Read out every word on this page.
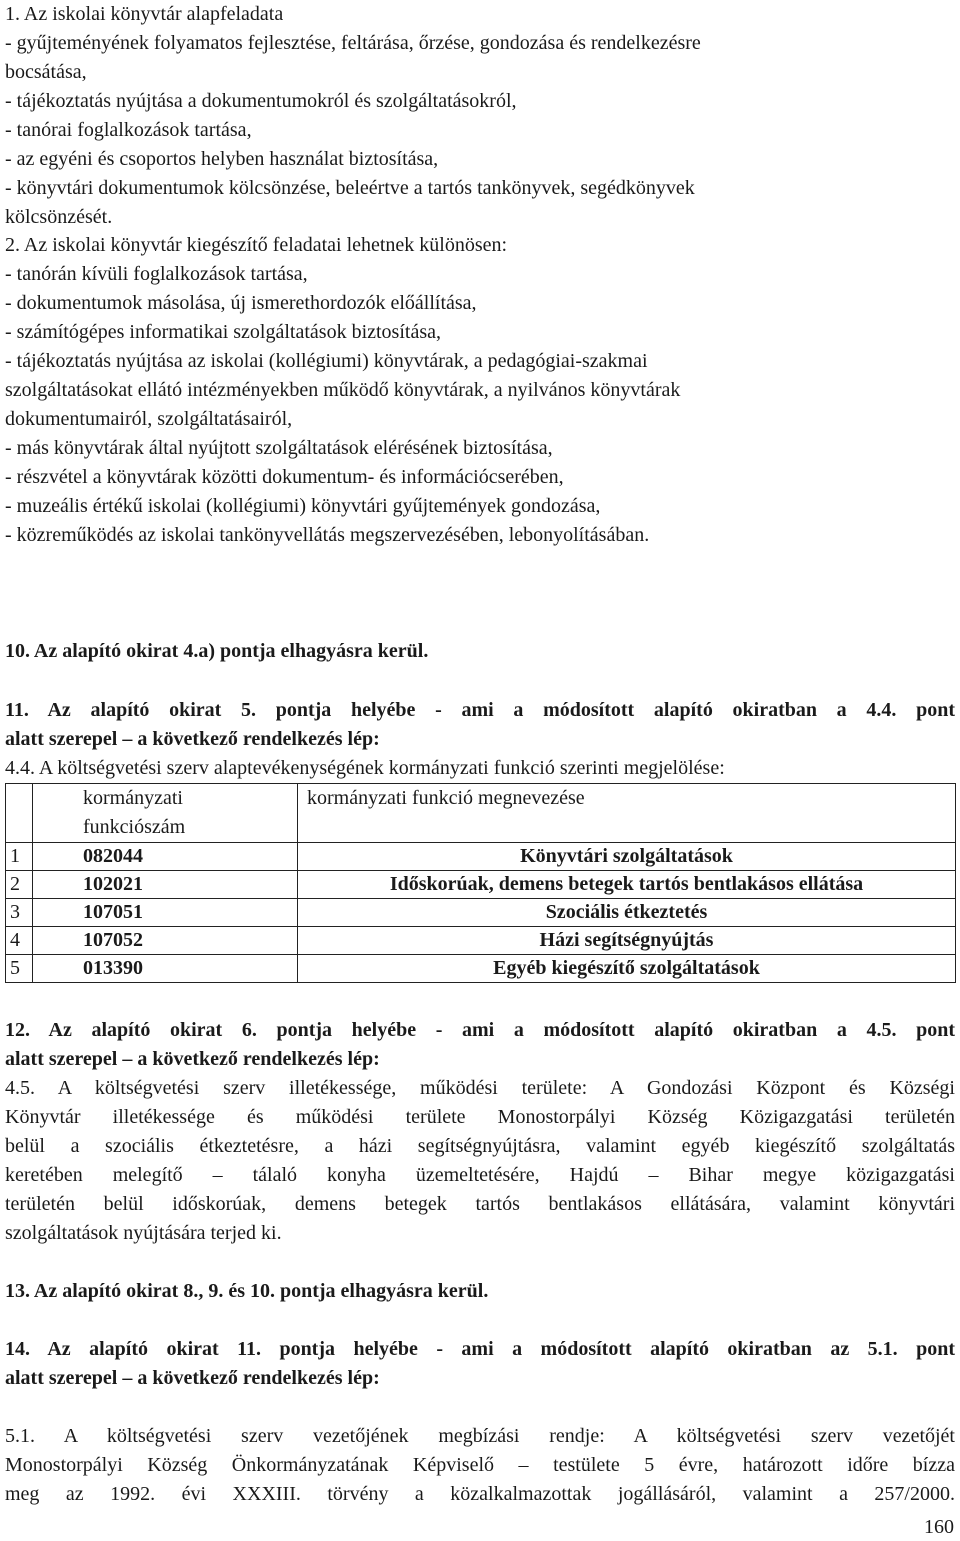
1. Az iskolai könyvtár alapfeladata
- gyűjteményének folyamatos fejlesztése, feltárása, őrzése, gondozása és rendelkezésre
bocsátása,
- tájékoztatás nyújtása a dokumentumokról és szolgáltatásokról,
- tanórai foglalkozások tartása,
- az egyéni és csoportos helyben használat biztosítása,
- könyvtári dokumentumok kölcsönzése, beleértve a tartós tankönyvek, segédkönyvek
kölcsönzését.
2. Az iskolai könyvtár kiegészítő feladatai lehetnek különösen:
- tanórán kívüli foglalkozások tartása,
- dokumentumok másolása, új ismerethordozók előállítása,
- számítógépes informatikai szolgáltatások biztosítása,
- tájékoztatás nyújtása az iskolai (kollégiumi) könyvtárak, a pedagógiai-szakmai
szolgáltatásokat ellátó intézményekben működő könyvtárak, a nyilvános könyvtárak
dokumentumairól, szolgáltatásairól,
- más könyvtárak által nyújtott szolgáltatások elérésének biztosítása,
- részvétel a könyvtárak közötti dokumentum- és információcserében,
- muzeális értékű iskolai (kollégiumi) könyvtári gyűjtemények gondozása,
- közreműködés az iskolai tankönyvellátás megszervezésében, lebonyolításában.
10. Az alapító okirat 4.a) pontja elhagyásra kerül.
11. Az alapító okirat 5. pontja helyébe - ami a módosított alapító okiratban a 4.4. pont
alatt szerepel – a következő rendelkezés lép:
4.4. A költségvetési szerv alaptevékenységének kormányzati funkció szerinti megjelölése:

	kormányzati
funkciószám	kormányzati funkció megnevezése
1	082044	Könyvtári szolgáltatások
2	102021	Időskorúak, demens betegek tartós bentlakásos ellátása
3	107051	Szociális étkeztetés
4	107052	Házi segítségnyújtás
5	013390	Egyéb kiegészítő szolgáltatások
12. Az alapító okirat 6. pontja helyébe - ami a módosított alapító okiratban a 4.5. pont
alatt szerepel – a következő rendelkezés lép:
4.5. A költségvetési szerv illetékessége, működési területe: A Gondozási Központ és Községi
Könyvtár illetékessége és működési területe Monostorpályi Község Közigazgatási területén
belül a szociális étkeztetésre, a házi segítségnyújtásra, valamint egyéb kiegészítő szolgáltatás
keretében melegítő – tálaló konyha üzemeltetésére, Hajdú – Bihar megye közigazgatási
területén belül időskorúak, demens betegek tartós bentlakásos ellátására, valamint könyvtári
szolgáltatások nyújtására terjed ki.
13. Az alapító okirat 8., 9. és 10. pontja elhagyásra kerül.
14. Az alapító okirat 11. pontja helyébe - ami a módosított alapító okiratban az 5.1. pont
alatt szerepel – a következő rendelkezés lép:
5.1. A költségvetési szerv vezetőjének megbízási rendje: A költségvetési szerv vezetőjét
Monostorpályi Község Önkormányzatának Képviselő – testülete 5 évre, határozott időre bízza
meg az 1992. évi XXXIII. törvény a közalkalmazottak jogállásáról, valamint a 257/2000.
160
